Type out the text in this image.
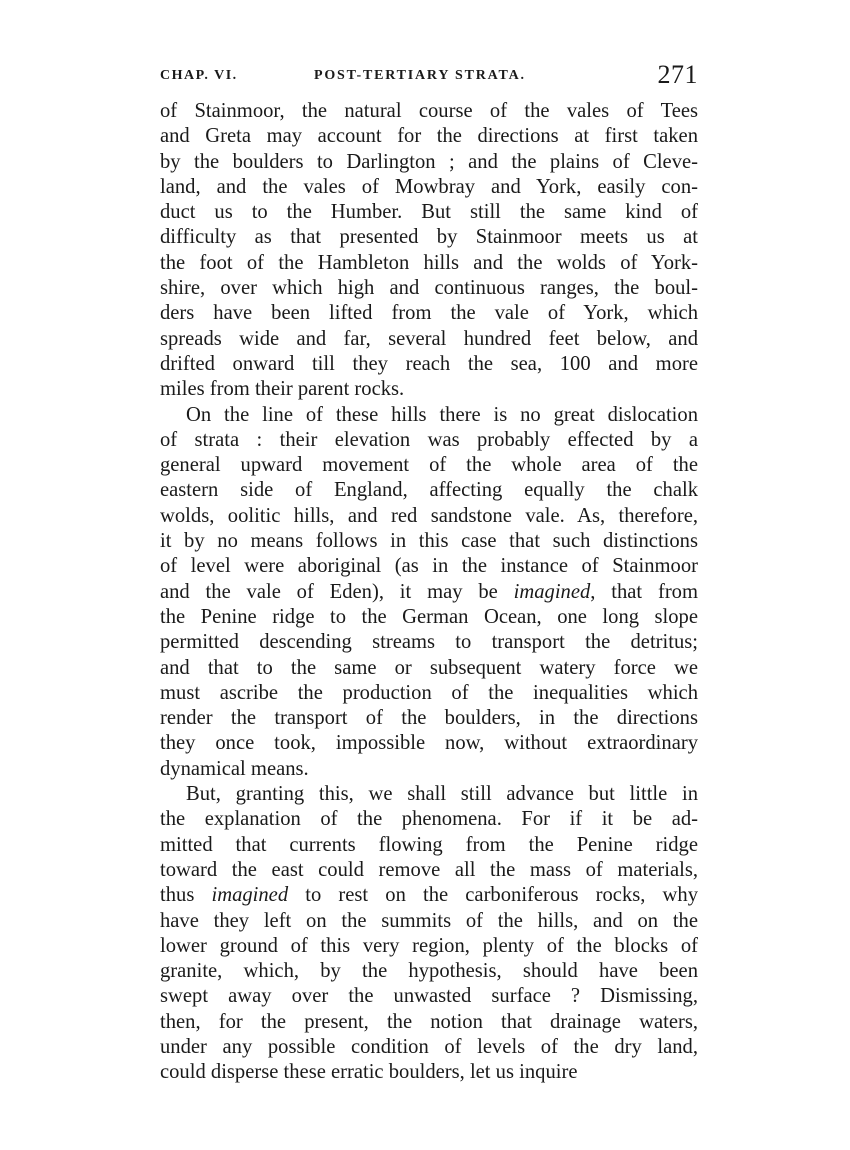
CHAP. VI.	POST-TERTIARY STRATA.	271

of Stainmoor, the natural course of the vales of Tees
and Greta may account for the directions at first taken
by the boulders to Darlington ; and the plains of Cleve-
land, and the vales of Mowbray and York, easily con-
duct us to the Humber. But still the same kind of
difficulty as that presented by Stainmoor meets us at
the foot of the Hambleton hills and the wolds of York-
shire, over which high and continuous ranges, the boul-
ders have been lifted from the vale of York, which
spreads wide and far, several hundred feet below, and
drifted onward till they reach the sea, 100 and more
miles from their parent rocks.

On the line of these hills there is no great dislocation
of strata : their elevation was probably effected by a
general upward movement of the whole area of the
eastern side of England, affecting equally the chalk
wolds, oolitic hills, and red sandstone vale. As, therefore,
it by no means follows in this case that such distinctions
of level were aboriginal (as in the instance of Stainmoor
and the vale of Eden), it may be imagined, that from
the Penine ridge to the German Ocean, one long slope
permitted descending streams to transport the detritus;
and that to the same or subsequent watery force we
must ascribe the production of the inequalities which
render the transport of the boulders, in the directions
they once took, impossible now, without extraordinary
dynamical means.

But, granting this, we shall still advance but little in
the explanation of the phenomena. For if it be ad-
mitted that currents flowing from the Penine ridge
toward the east could remove all the mass of materials,
thus imagined to rest on the carboniferous rocks, why
have they left on the summits of the hills, and on the
lower ground of this very region, plenty of the blocks of
granite, which, by the hypothesis, should have been
swept away over the unwasted surface ? Dismissing,
then, for the present, the notion that drainage waters,
under any possible condition of levels of the dry land,
could disperse these erratic boulders, let us inquire
